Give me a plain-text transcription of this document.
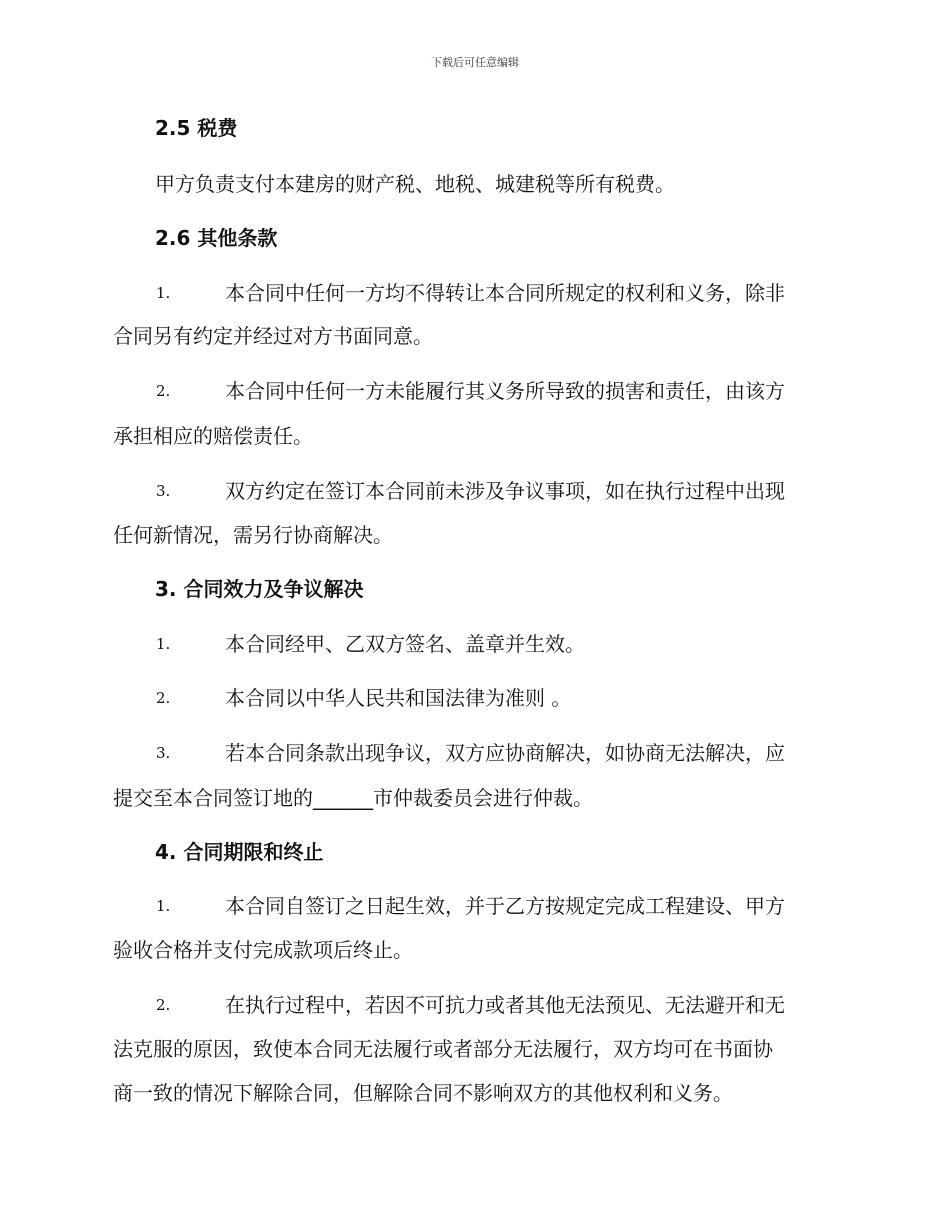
下载后可任意编辑
2.5 税费
甲方负责支付本建房的财产税、地税、城建税等所有税费。
2.6 其他条款
1.	本合同中任何一方均不得转让本合同所规定的权利和义务，除非
合同另有约定并经过对方书面同意。
2.	本合同中任何一方未能履行其义务所导致的损害和责任，由该方
承担相应的赔偿责任。
3.	双方约定在签订本合同前未涉及争议事项，如在执行过程中出现
任何新情况，需另行协商解决。
3. 合同效力及争议解决
1.	本合同经甲、乙双方签名、盖章并生效。
2.	本合同以中华人民共和国法律为准则 。
3.	若本合同条款出现争议，双方应协商解决，如协商无法解决，应
提交至本合同签订地的______市仲裁委员会进行仲裁。
4. 合同期限和终止
1.	本合同自签订之日起生效，并于乙方按规定完成工程建设、甲方
验收合格并支付完成款项后终止。
2.	在执行过程中，若因不可抗力或者其他无法预见、无法避开和无
法克服的原因，致使本合同无法履行或者部分无法履行，双方均可在书面协
商一致的情况下解除合同，但解除合同不影响双方的其他权利和义务。
